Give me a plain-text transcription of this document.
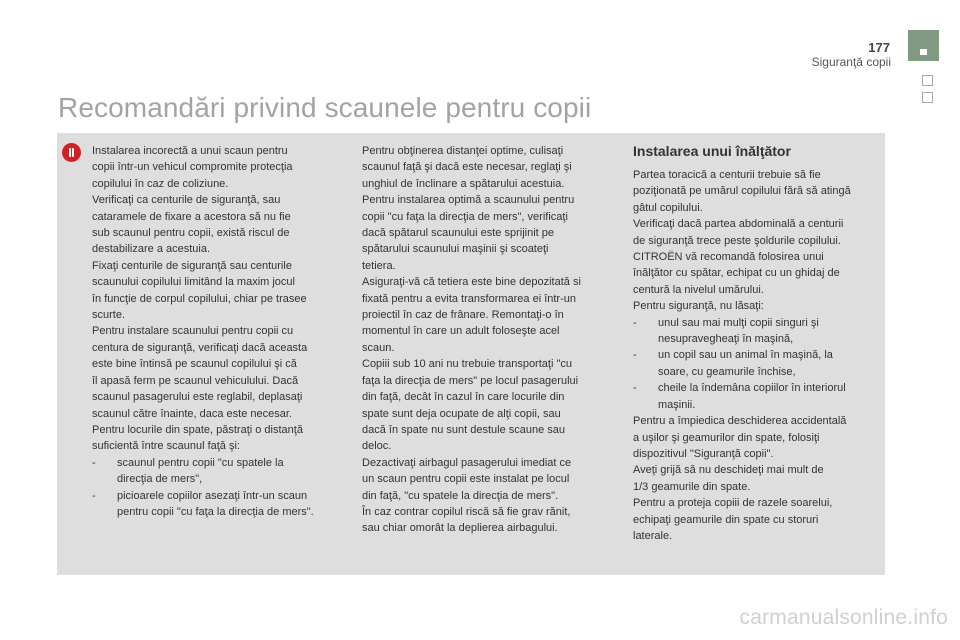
177
Siguranţă copii
Recomandări privind scaunele pentru copii
Instalarea incorectă a unui scaun pentru
copii într-un vehicul compromite protecţia
copilului în caz de coliziune.
Verificaţi ca centurile de siguranţă, sau
cataramele de fixare a acestora să nu fie
sub scaunul pentru copii, există riscul de
destabilizare a acestuia.
Fixaţi centurile de siguranţă sau centurile
scaunului copilului limitând la maxim jocul
în funcţie de corpul copilului, chiar pe trasee
scurte.
Pentru instalare scaunului pentru copii cu
centura de siguranţă, verificaţi dacă aceasta
este bine întinsă pe scaunul copilului şi că
îl apasă ferm pe scaunul vehiculului. Dacă
scaunul pasagerului este reglabil, deplasaţi
scaunul către înainte, daca este necesar.
Pentru locurile din spate, păstraţi o distanţă
suficientă între scaunul faţă şi:
- scaunul pentru copii "cu spatele la
direcţia de mers",
- picioarele copiilor asezaţi într-un scaun
pentru copii "cu faţa la direcţia de mers".
Pentru obţinerea distanţei optime, culisaţi
scaunul faţă şi dacă este necesar, reglaţi şi
unghiul de înclinare a spătarului acestuia.
Pentru instalarea optimă a scaunului pentru
copii "cu faţa la direcţia de mers", verificaţi
dacă spătarul scaunului este sprijinit pe
spătarului scaunului maşinii şi scoateţi
tetiera.
Asiguraţi-vă că tetiera este bine depozitată si
fixată pentru a evita transformarea ei într-un
proiectil în caz de frânare. Remontaţi-o în
momentul în care un adult foloseşte acel
scaun.
Copiii sub 10 ani nu trebuie transportaţi "cu
faţa la direcţia de mers" pe locul pasagerului
din faţă, decât în cazul în care locurile din
spate sunt deja ocupate de alţi copii, sau
dacă în spate nu sunt destule scaune sau
deloc.
Dezactivaţi airbagul pasagerului imediat ce
un scaun pentru copii este instalat pe locul
din faţă, "cu spatele la direcţia de mers".
În caz contrar copilul riscă să fie grav rănit,
sau chiar omorât la deplierea airbagului.
Instalarea unui înălţător
Partea toracică a centurii trebuie să fie
poziţionată pe umărul copilului fără să atingă
gâtul copilului.
Verificaţi dacă partea abdominală a centurii
de siguranţă trece peste şoldurile copilului.
CITROËN vă recomandă folosirea unui
înălţător cu spătar, echipat cu un ghidaj de
centură la nivelul umărului.
Pentru siguranţă, nu lăsaţi:
- unul sau mai mulţi copii singuri şi
nesupravegheaţi în maşină,
- un copil sau un animal în maşină, la
soare, cu geamurile închise,
- cheile la îndemâna copiilor în interiorul
maşinii.
Pentru a împiedica deschiderea accidentală
a uşilor şi geamurilor din spate, folosiţi
dispozitivul "Siguranţă copii".
Aveţi grijă să nu deschideţi mai mult de
1/3 geamurile din spate.
Pentru a proteja copiii de razele soarelui,
echipaţi geamurile din spate cu storuri
laterale.
carmanualsonline.info
